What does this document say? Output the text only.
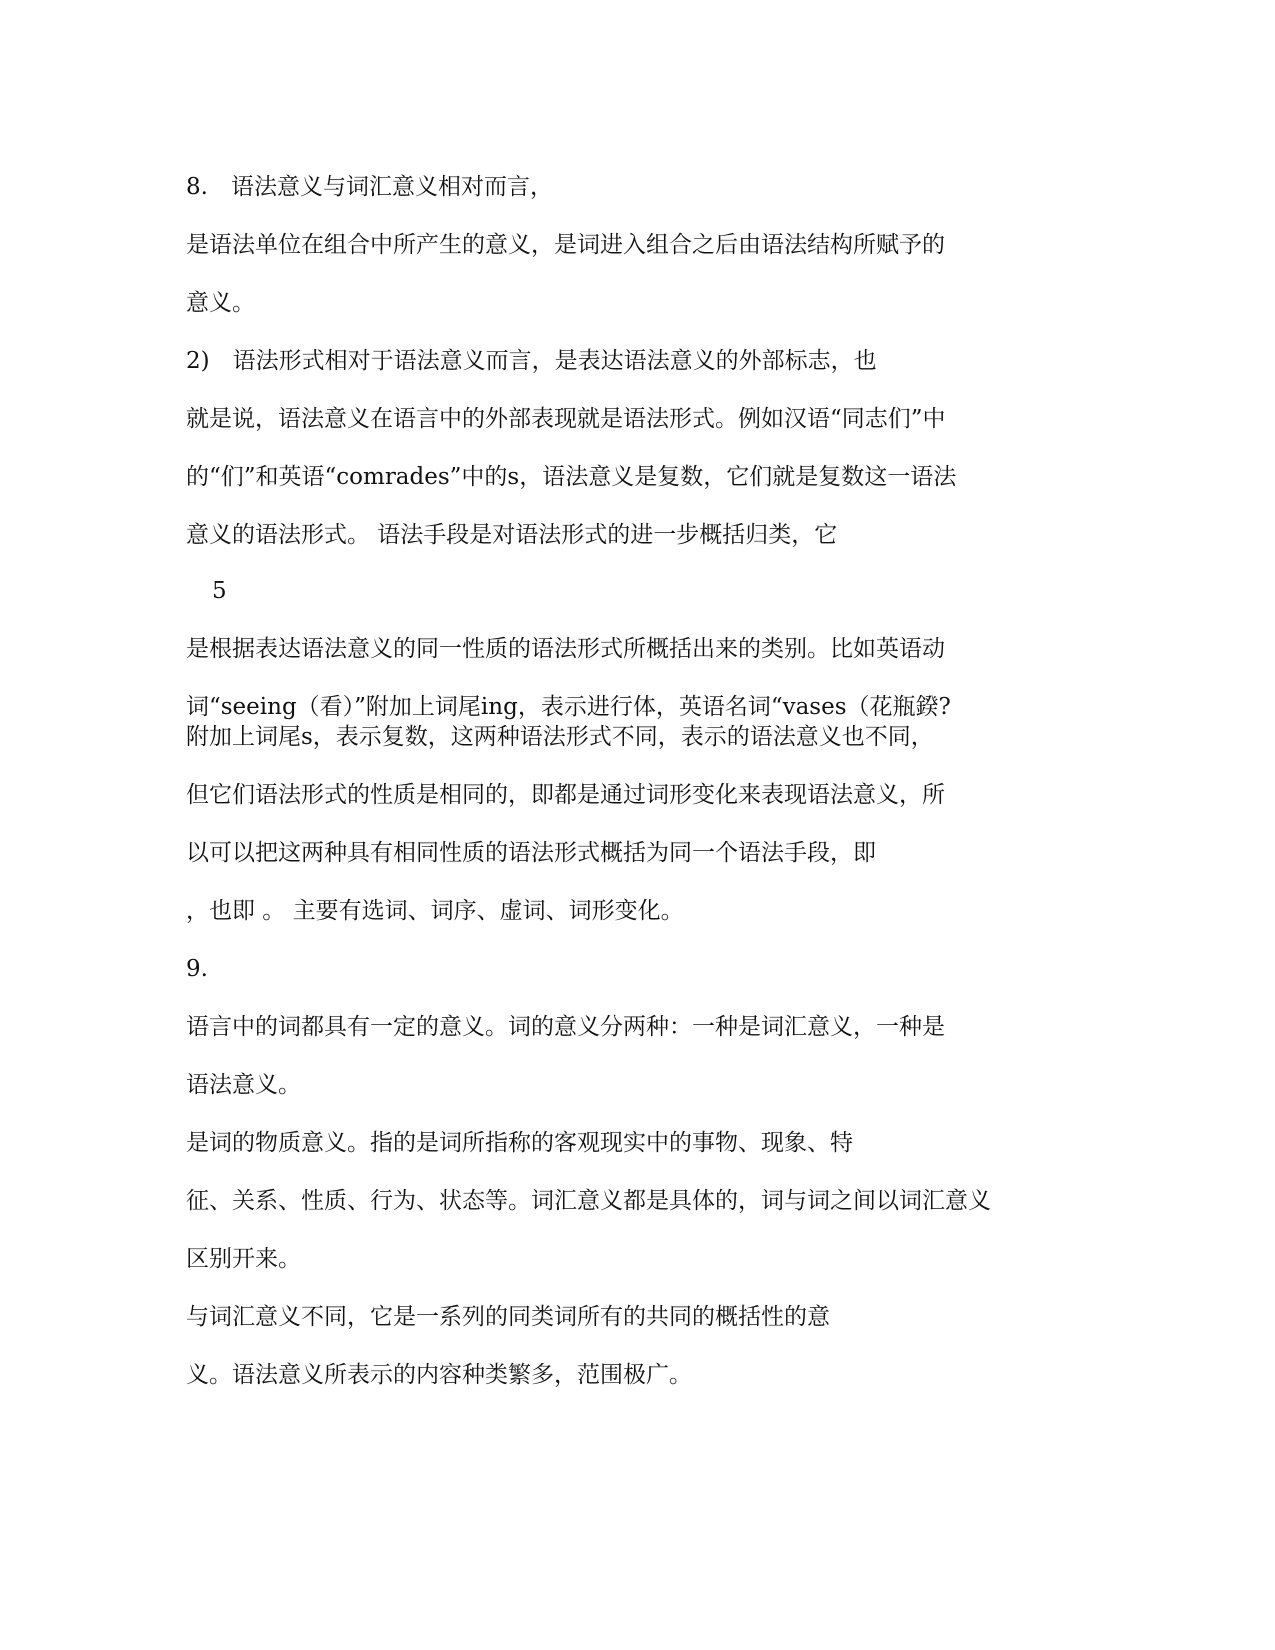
8.　语法意义与词汇意义相对而言，

是语法单位在组合中所产生的意义，是词进入组合之后由语法结构所赋予的

意义。

2)　语法形式相对于语法意义而言，是表达语法意义的外部标志，也

就是说，语法意义在语言中的外部表现就是语法形式。例如汉语“同志们”中

的“们”和英语“comrades”中的s，语法意义是复数，它们就是复数这一语法

意义的语法形式。 语法手段是对语法形式的进一步概括归类，它

5

是根据表达语法意义的同一性质的语法形式所概括出来的类别。比如英语动

词“seeing（看）”附加上词尾ing，表示进行体，英语名词“vases（花瓶鍨?

附加上词尾s，表示复数，这两种语法形式不同，表示的语法意义也不同，

但它们语法形式的性质是相同的，即都是通过词形变化来表现语法意义，所

以可以把这两种具有相同性质的语法形式概括为同一个语法手段，即

，也即 。 主要有选词、词序、虚词、词形变化。

9.

语言中的词都具有一定的意义。词的意义分两种：一种是词汇意义，一种是

语法意义。

是词的物质意义。指的是词所指称的客观现实中的事物、现象、特

征、关系、性质、行为、状态等。词汇意义都是具体的，词与词之间以词汇意义

区别开来。

与词汇意义不同，它是一系列的同类词所有的共同的概括性的意

义。语法意义所表示的内容种类繁多，范围极广。
